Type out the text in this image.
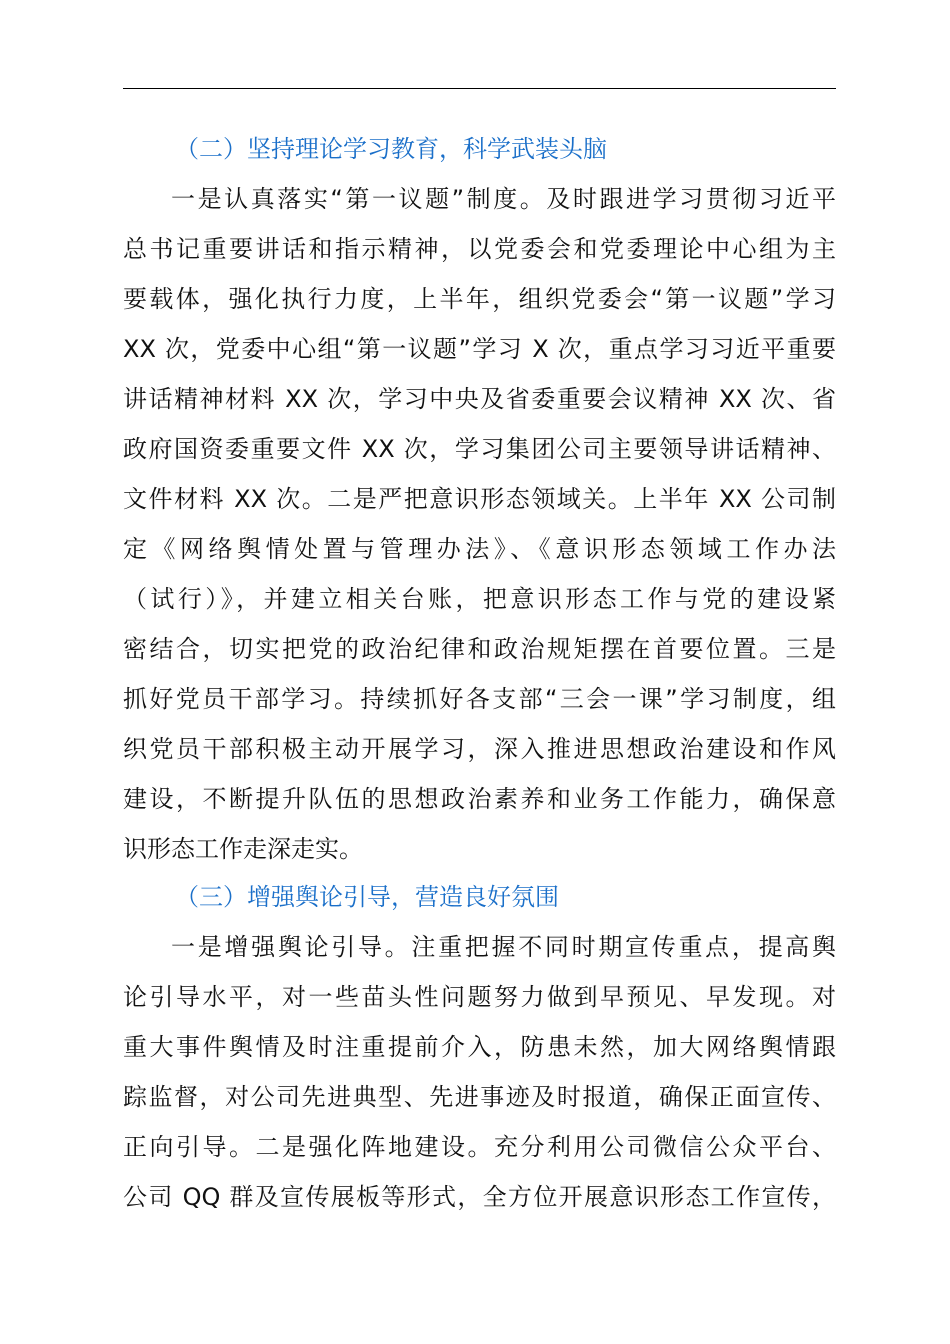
（二）坚持理论学习教育，科学武装头脑
一是认真落实“第一议题”制度。及时跟进学习贯彻习近平
总书记重要讲话和指示精神，以党委会和党委理论中心组为主
要载体，强化执行力度，上半年，组织党委会“第一议题”学习
XX 次，党委中心组“第一议题”学习 X 次，重点学习习近平重要
讲话精神材料 XX 次，学习中央及省委重要会议精神 XX 次、省
政府国资委重要文件 XX 次，学习集团公司主要领导讲话精神、
文件材料 XX 次。二是严把意识形态领域关。上半年 XX 公司制
定《网络舆情处置与管理办法》、《意识形态领域工作办法
（试行）》，并建立相关台账，把意识形态工作与党的建设紧
密结合，切实把党的政治纪律和政治规矩摆在首要位置。三是
抓好党员干部学习。持续抓好各支部“三会一课”学习制度，组
织党员干部积极主动开展学习，深入推进思想政治建设和作风
建设，不断提升队伍的思想政治素养和业务工作能力，确保意
识形态工作走深走实。
（三）增强舆论引导，营造良好氛围
一是增强舆论引导。注重把握不同时期宣传重点，提高舆
论引导水平，对一些苗头性问题努力做到早预见、早发现。对
重大事件舆情及时注重提前介入，防患未然，加大网络舆情跟
踪监督，对公司先进典型、先进事迹及时报道，确保正面宣传、
正向引导。二是强化阵地建设。充分利用公司微信公众平台、
公司 QQ 群及宣传展板等形式，全方位开展意识形态工作宣传，
